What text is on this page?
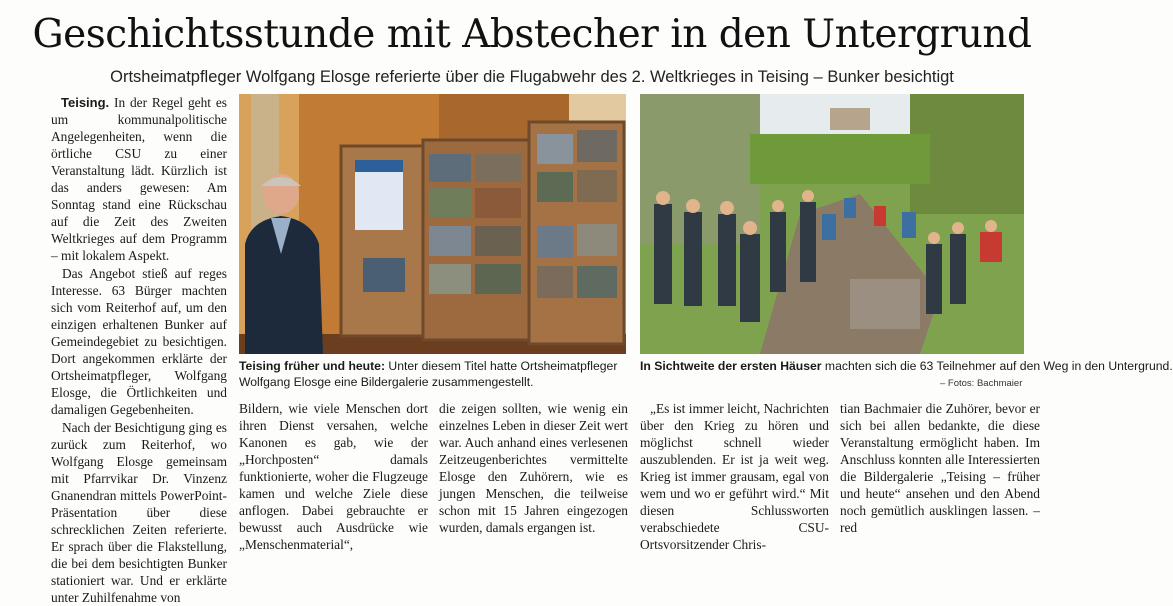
Geschichtsstunde mit Abstecher in den Untergrund
Ortsheimatpfleger Wolfgang Elosge referierte über die Flugabwehr des 2. Weltkrieges in Teising – Bunker besichtigt

Teising. In der Regel geht es um kommunalpolitische Angelegenheiten, wenn die örtliche CSU zu einer Veranstaltung lädt. Kürzlich ist das anders gewesen: Am Sonntag stand eine Rückschau auf die Zeit des Zweiten Weltkrieges auf dem Programm – mit lokalem Aspekt.

Das Angebot stieß auf reges Interesse. 63 Bürger machten sich vom Reiterhof auf, um den einzigen erhaltenen Bunker auf Gemeindegebiet zu besichtigen. Dort angekommen erklärte der Ortsheimatpfleger, Wolfgang Elosge, die Örtlichkeiten und damaligen Gegebenheiten.

Nach der Besichtigung ging es zurück zum Reiterhof, wo Wolfgang Elosge gemeinsam mit Pfarrvikar Dr. Vinzenz Gnanendran mittels PowerPoint-Präsentation über diese schrecklichen Zeiten referierte. Er sprach über die Flakstellung, die bei dem besichtigten Bunker stationiert war. Und er erklärte unter Zuhilfenahme von

Teising früher und heute: Unter diesem Titel hatte Ortsheimatpfleger Wolfgang Elosge eine Bildergalerie zusammengestellt.
In Sichtweite der ersten Häuser machten sich die 63 Teilnehmer auf den Weg in den Untergrund.
– Fotos: Bachmaier

Bildern, wie viele Menschen dort ihren Dienst versahen, welche Kanonen es gab, wie der „Horchposten“ damals funktionierte, woher die Flugzeuge kamen und welche Ziele diese anflogen. Dabei gebrauchte er bewusst auch Ausdrücke wie „Menschenmaterial“,

die zeigen sollten, wie wenig ein einzelnes Leben in dieser Zeit wert war. Auch anhand eines verlesenen Zeitzeugenberichtes vermittelte Elosge den Zuhörern, wie es jungen Menschen, die teilweise schon mit 15 Jahren eingezogen wurden, damals ergangen ist.

„Es ist immer leicht, Nachrichten über den Krieg zu hören und möglichst schnell wieder auszublenden. Er ist ja weit weg. Krieg ist immer grausam, egal von wem und wo er geführt wird.“ Mit diesen Schlussworten verabschiedete CSU-Ortsvorsitzender Chris-

tian Bachmaier die Zuhörer, bevor er sich bei allen bedankte, die diese Veranstaltung ermöglicht haben. Im Anschluss konnten alle Interessierten die Bildergalerie „Teising – früher und heute“ ansehen und den Abend noch gemütlich ausklingen lassen. – red
